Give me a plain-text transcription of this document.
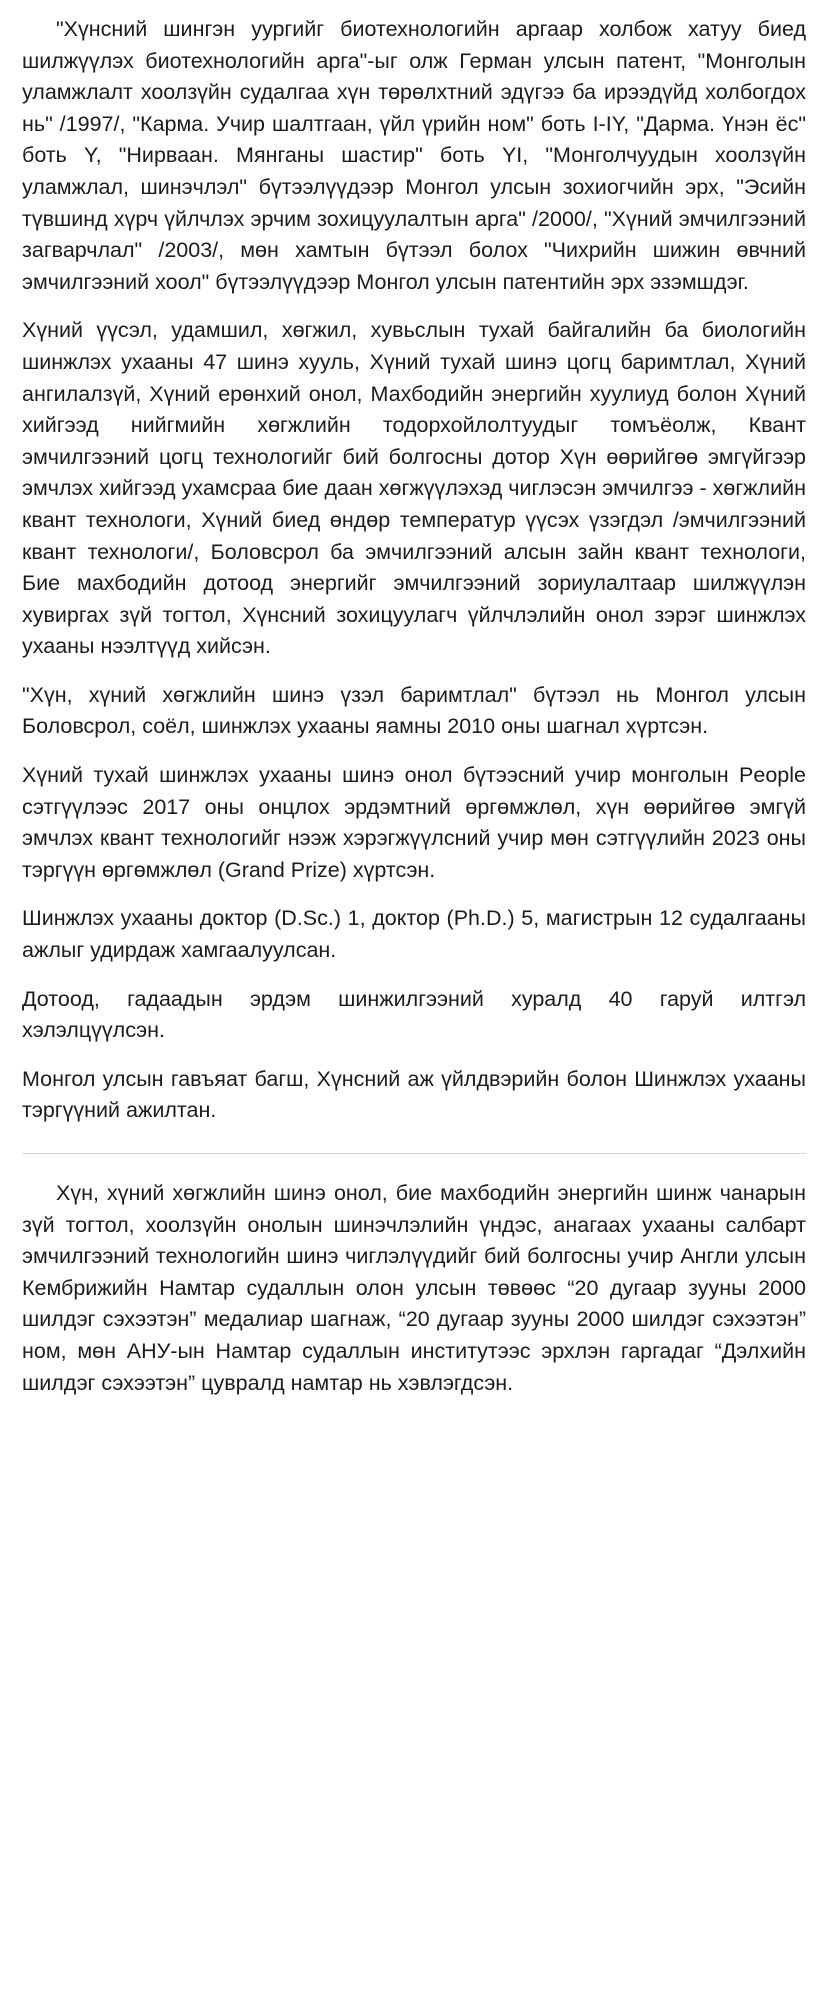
"Хүнсний шингэн уургийг биотехнологийн аргаар холбож хатуу биед шилжүүлэх биотехнологийн арга"-ыг олж Герман улсын патент, "Монголын уламжлалт хоолзүйн судалгаа хүн төрөлхтний эдүгээ ба ирээдүйд холбогдох нь" /1997/, "Карма. Учир шалтгаан, үйл үрийн ном" боть I-IY, "Дарма. Үнэн ёс" боть Y, "Нирваан. Мянганы шастир" боть YI, "Монголчуудын хоолзүйн уламжлал, шинэчлэл" бүтээлүүдээр Монгол улсын зохиогчийн эрх, "Эсийн түвшинд хүрч үйлчлэх эрчим зохицуулалтын арга" /2000/, "Хүний эмчилгээний загварчлал" /2003/, мөн хамтын бүтээл болох "Чихрийн шижин өвчний эмчилгээний хоол" бүтээлүүдээр Монгол улсын патентийн эрх эзэмшдэг.

Хүний үүсэл, удамшил, хөгжил, хувьслын тухай байгалийн ба биологийн шинжлэх ухааны 47 шинэ хууль, Хүний тухай шинэ цогц баримтлал, Хүний ангилалзүй, Хүний ерөнхий онол, Махбодийн энергийн хуулиуд болон Хүний хийгээд нийгмийн хөгжлийн тодорхойлолтуудыг томъёолж, Квант эмчилгээний цогц технологийг бий болгосны дотор Хүн өөрийгөө эмгүйгээр эмчлэх хийгээд ухамсраа бие даан хөгжүүлэхэд чиглэсэн эмчилгээ - хөгжлийн квант технологи, Хүний биед өндөр температур үүсэх үзэгдэл /эмчилгээний квант технологи/, Боловсрол ба эмчилгээний алсын зайн квант технологи, Бие махбодийн дотоод энергийг эмчилгээний зориулалтаар шилжүүлэн хувиргах зүй тогтол, Хүнсний зохицуулагч үйлчлэлийн онол зэрэг шинжлэх ухааны нээлтүүд хийсэн.

"Хүн, хүний хөгжлийн шинэ үзэл баримтлал" бүтээл нь Монгол улсын Боловсрол, соёл, шинжлэх ухааны яамны 2010 оны шагнал хүртсэн.

Хүний тухай шинжлэх ухааны шинэ онол бүтээсний учир монголын People сэтгүүлээс 2017 оны онцлох эрдэмтний өргөмжлөл, хүн өөрийгөө эмгүй эмчлэх квант технологийг нээж хэрэгжүүлсний учир мөн сэтгүүлийн 2023 оны тэргүүн өргөмжлөл (Grand Prize) хүртсэн.

Шинжлэх ухааны доктор (D.Sc.) 1, доктор (Ph.D.) 5, магистрын 12 судалгааны ажлыг удирдаж хамгаалуулсан.

Дотоод, гадаадын эрдэм шинжилгээний хуралд 40 гаруй илтгэл хэлэлцүүлсэн.

Монгол улсын гавъяат багш, Хүнсний аж үйлдвэрийн болон Шинжлэх ухааны тэргүүний ажилтан.

Хүн, хүний хөгжлийн шинэ онол, бие махбодийн энергийн шинж чанарын зүй тогтол, хоолзүйн онолын шинэчлэлийн үндэс, анагаах ухааны салбарт эмчилгээний технологийн шинэ чиглэлүүдийг бий болгосны учир Англи улсын Кембрижийн Намтар судаллын олон улсын төвөөс “20 дугаар зууны 2000 шилдэг сэхээтэн” медалиар шагнаж, “20 дугаар зууны 2000 шилдэг сэхээтэн” ном, мөн АНУ-ын Намтар судаллын институтээс эрхлэн гаргадаг “Дэлхийн шилдэг сэхээтэн” цувралд намтар нь хэвлэгдсэн.
